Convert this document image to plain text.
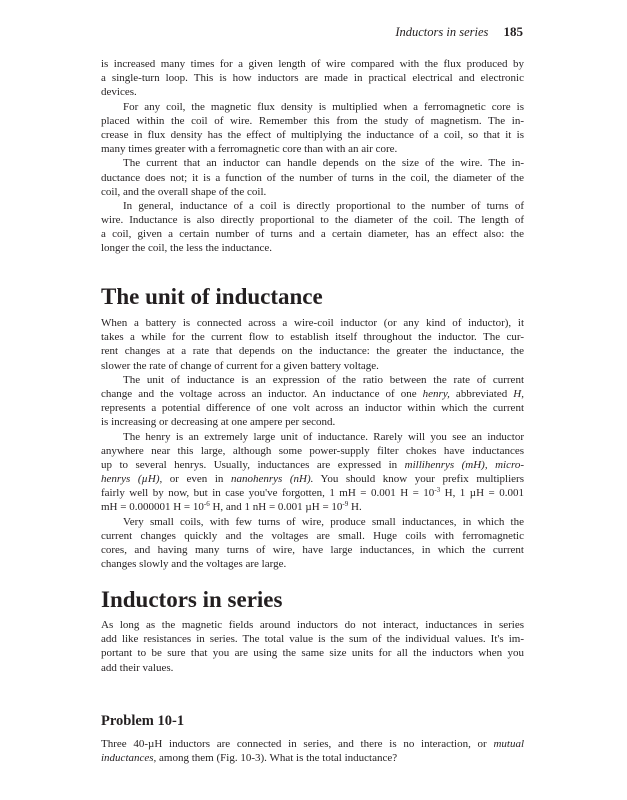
Inductors in series 185
is increased many times for a given length of wire compared with the flux produced by
a single-turn loop. This is how inductors are made in practical electrical and electronic
devices.
For any coil, the magnetic flux density is multiplied when a ferromagnetic core is
placed within the coil of wire. Remember this from the study of magnetism. The in-
crease in flux density has the effect of multiplying the inductance of a coil, so that it is
many times greater with a ferromagnetic core than with an air core.
The current that an inductor can handle depends on the size of the wire. The in-
ductance does not; it is a function of the number of turns in the coil, the diameter of the
coil, and the overall shape of the coil.
In general, inductance of a coil is directly proportional to the number of turns of
wire. Inductance is also directly proportional to the diameter of the coil. The length of
a coil, given a certain number of turns and a certain diameter, has an effect also: the
longer the coil, the less the inductance.
The unit of inductance
When a battery is connected across a wire-coil inductor (or any kind of inductor), it
takes a while for the current flow to establish itself throughout the inductor. The cur-
rent changes at a rate that depends on the inductance: the greater the inductance, the
slower the rate of change of current for a given battery voltage.
The unit of inductance is an expression of the ratio between the rate of current
change and the voltage across an inductor. An inductance of one henry, abbreviated H,
represents a potential difference of one volt across an inductor within which the current
is increasing or decreasing at one ampere per second.
The henry is an extremely large unit of inductance. Rarely will you see an inductor
anywhere near this large, although some power-supply filter chokes have inductances
up to several henrys. Usually, inductances are expressed in millihenrys (mH), micro-
henrys (µH), or even in nanohenrys (nH). You should know your prefix multipliers
fairly well by now, but in case you've forgotten, 1 mH = 0.001 $H = 10^{-3}$ H, 1 µH = 0.001
mH = 0.000001 $H = 10^{-6}$ H, and 1 nH = 0.001 $\mu H = 10^{-9}$ H.
Very small coils, with few turns of wire, produce small inductances, in which the
current changes quickly and the voltages are small. Huge coils with ferromagnetic
cores, and having many turns of wire, have large inductances, in which the current
changes slowly and the voltages are large.
Inductors in series
As long as the magnetic fields around inductors do not interact, inductances in series
add like resistances in series. The total value is the sum of the individual values. It's im-
portant to be sure that you are using the same size units for all the inductors when you
add their values.
Problem 10-1
Three 40-µH inductors are connected in series, and there is no interaction, or mutual
inductances, among them (Fig. 10-3). What is the total inductance?
